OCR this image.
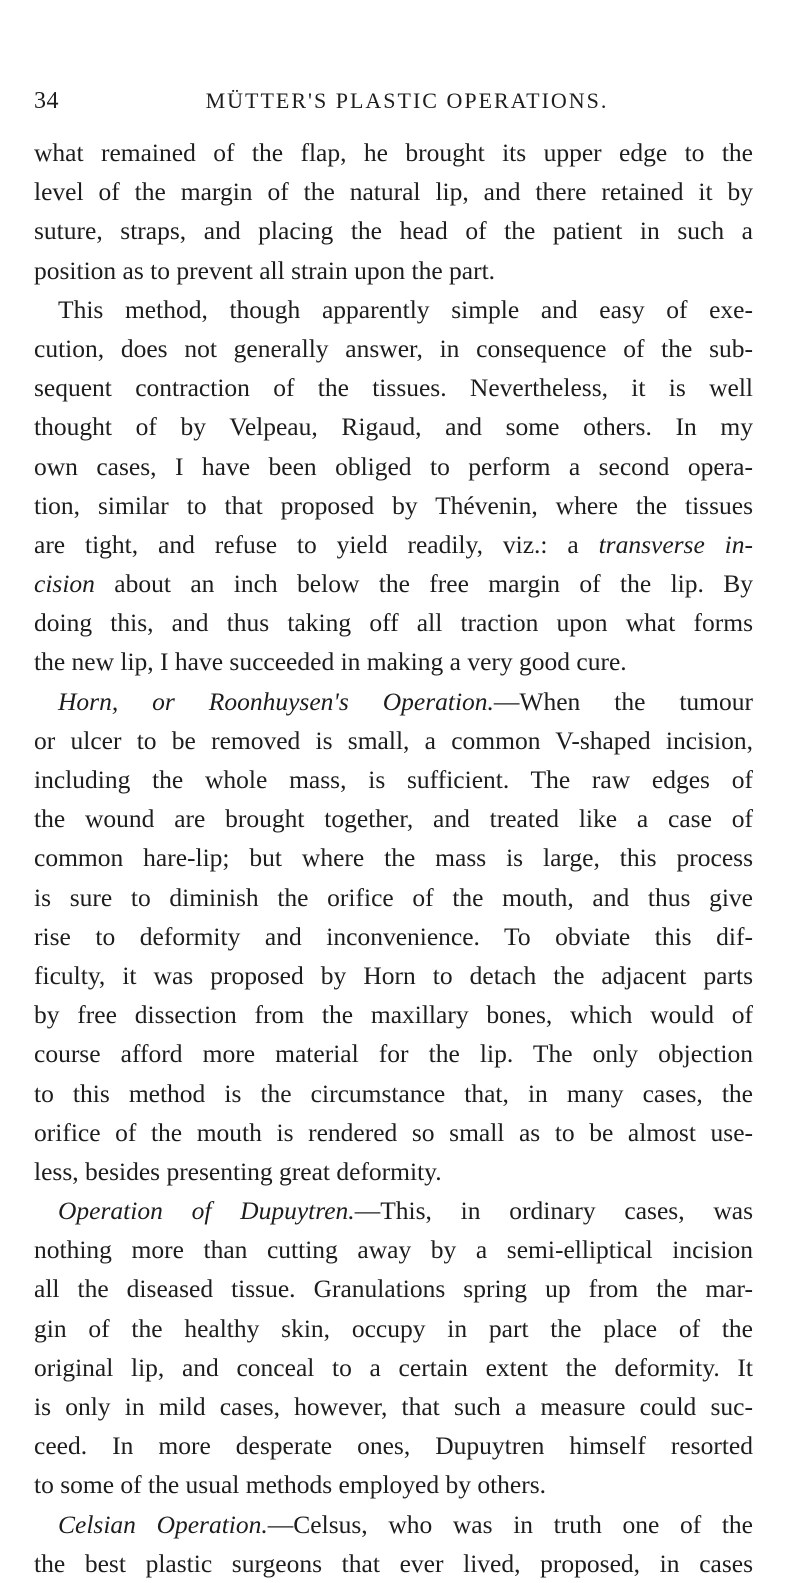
34	MÜTTER'S PLASTIC OPERATIONS.
what remained of the flap, he brought its upper edge to the
level of the margin of the natural lip, and there retained it by
suture, straps, and placing the head of the patient in such a
position as to prevent all strain upon the part.
This method, though apparently simple and easy of exe-
cution, does not generally answer, in consequence of the sub-
sequent contraction of the tissues. Nevertheless, it is well
thought of by Velpeau, Rigaud, and some others. In my
own cases, I have been obliged to perform a second opera-
tion, similar to that proposed by Thévenin, where the tissues
are tight, and refuse to yield readily, viz.: a transverse in-
cision about an inch below the free margin of the lip. By
doing this, and thus taking off all traction upon what forms
the new lip, I have succeeded in making a very good cure.
Horn, or Roonhuysen's Operation.—When the tumour
or ulcer to be removed is small, a common V-shaped incision,
including the whole mass, is sufficient. The raw edges of
the wound are brought together, and treated like a case of
common hare-lip; but where the mass is large, this process
is sure to diminish the orifice of the mouth, and thus give
rise to deformity and inconvenience. To obviate this dif-
ficulty, it was proposed by Horn to detach the adjacent parts
by free dissection from the maxillary bones, which would of
course afford more material for the lip. The only objection
to this method is the circumstance that, in many cases, the
orifice of the mouth is rendered so small as to be almost use-
less, besides presenting great deformity.
Operation of Dupuytren.—This, in ordinary cases, was
nothing more than cutting away by a semi-elliptical incision
all the diseased tissue. Granulations spring up from the mar-
gin of the healthy skin, occupy in part the place of the
original lip, and conceal to a certain extent the deformity. It
is only in mild cases, however, that such a measure could suc-
ceed. In more desperate ones, Dupuytren himself resorted
to some of the usual methods employed by others.
Celsian Operation.—Celsus, who was in truth one of the
the best plastic surgeons that ever lived, proposed, in cases
